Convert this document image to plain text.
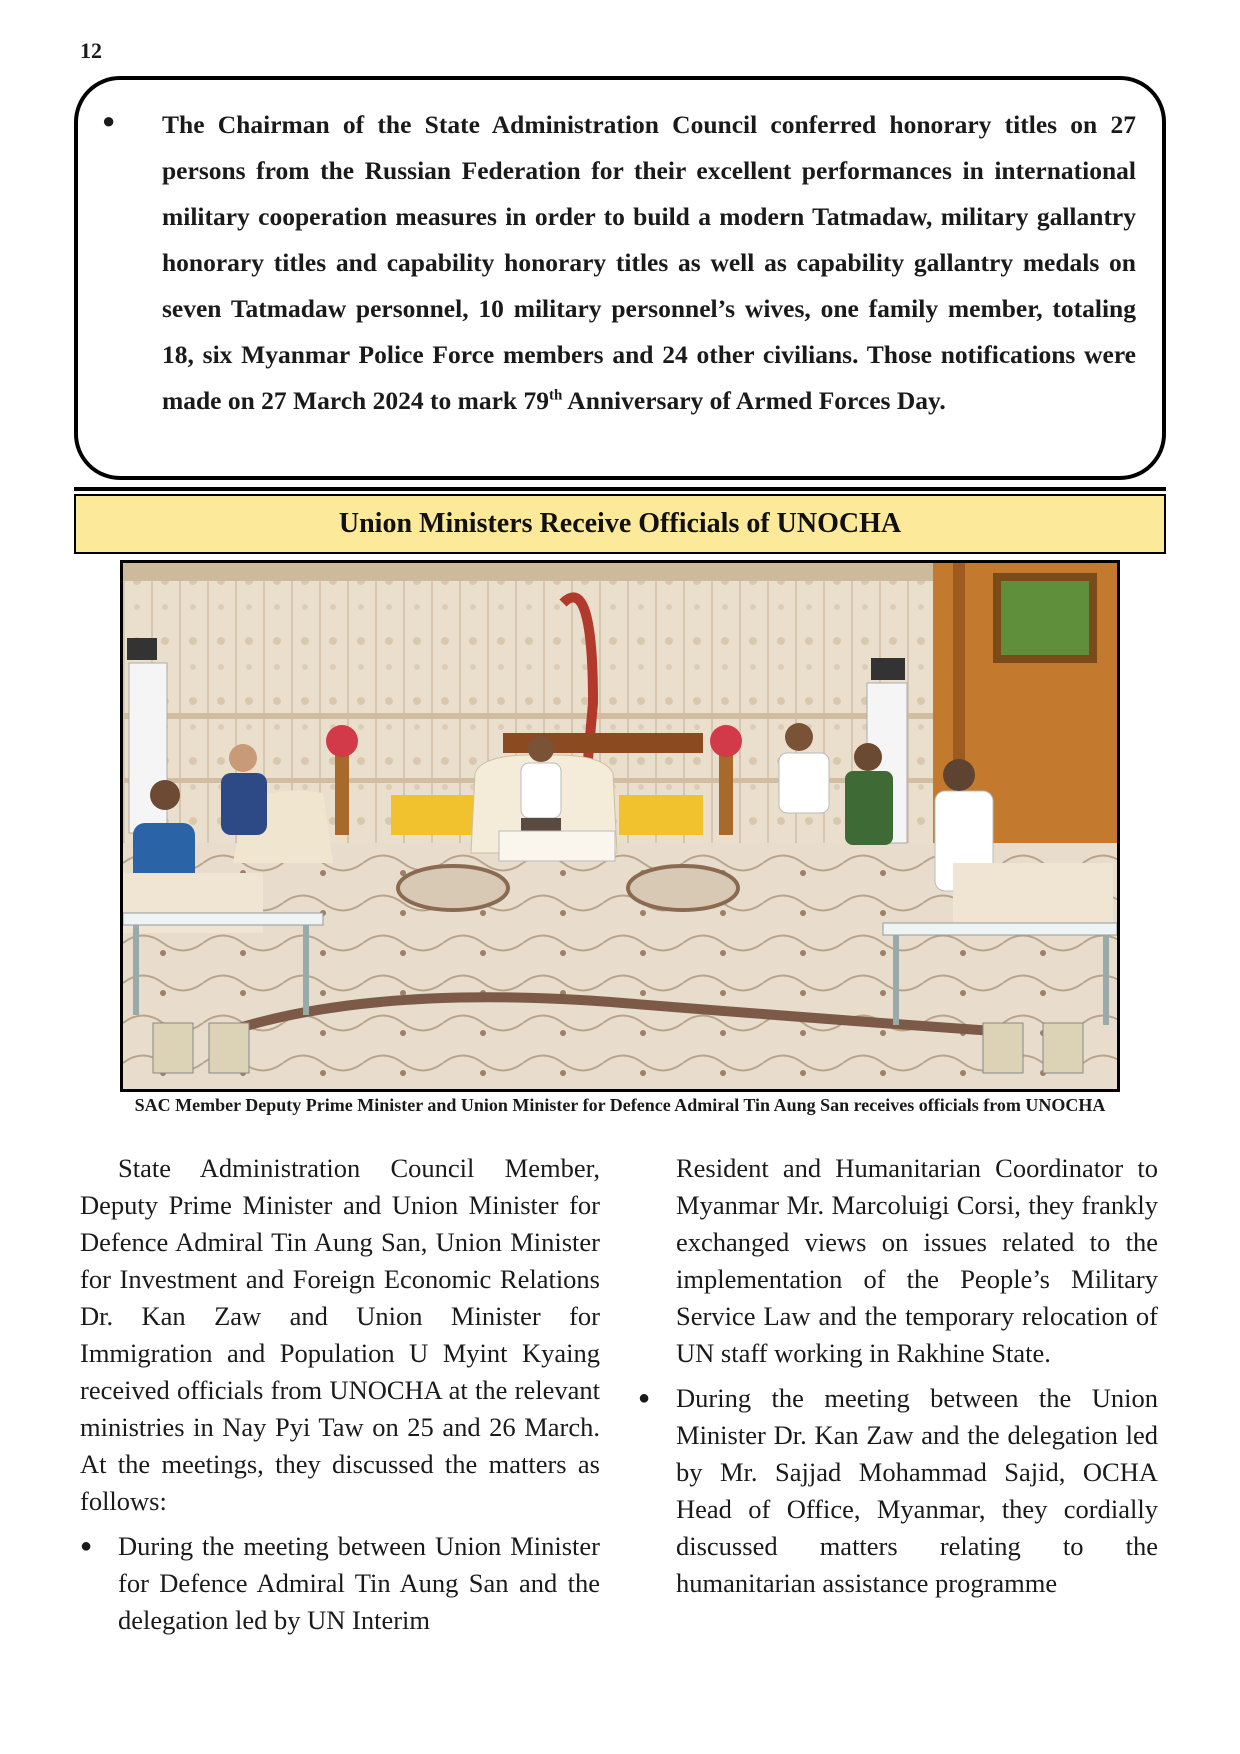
12
●	The Chairman of the State Administration Council conferred honorary titles on 27 persons from the Russian Federation for their excellent performances in international military cooperation measures in order to build a modern Tatmadaw, military gallantry honorary titles and capability honorary titles as well as capability gallantry medals on seven Tatmadaw personnel, 10 military personnel’s wives, one family member, totaling 18, six Myanmar Police Force members and 24 other civilians. Those notifications were made on 27 March 2024 to mark 79th Anniversary of Armed Forces Day.

Union Ministers Receive Officials of UNOCHA
SAC Member Deputy Prime Minister and Union Minister for Defence Admiral Tin Aung San receives officials from UNOCHA

State Administration Council Member, Deputy Prime Minister and Union Minister for Defence Admiral Tin Aung San, Union Minister for Investment and Foreign Economic Relations Dr. Kan Zaw and Union Minister for Immigration and Population U Myint Kyaing received officials from UNOCHA at the relevant ministries in Nay Pyi Taw on 25 and 26 March. At the meetings, they discussed the matters as follows:

● During the meeting between Union Minister for Defence Admiral Tin Aung San and the delegation led by UN Interim

Resident and Humanitarian Coordinator to Myanmar Mr. Marcoluigi Corsi, they frankly exchanged views on issues related to the implementation of the People’s Military Service Law and the temporary relocation of UN staff working in Rakhine State.

● During the meeting between the Union Minister Dr. Kan Zaw and the delegation led by Mr. Sajjad Mohammad Sajid, OCHA Head of Office, Myanmar, they cordially discussed matters relating to the humanitarian assistance programme
